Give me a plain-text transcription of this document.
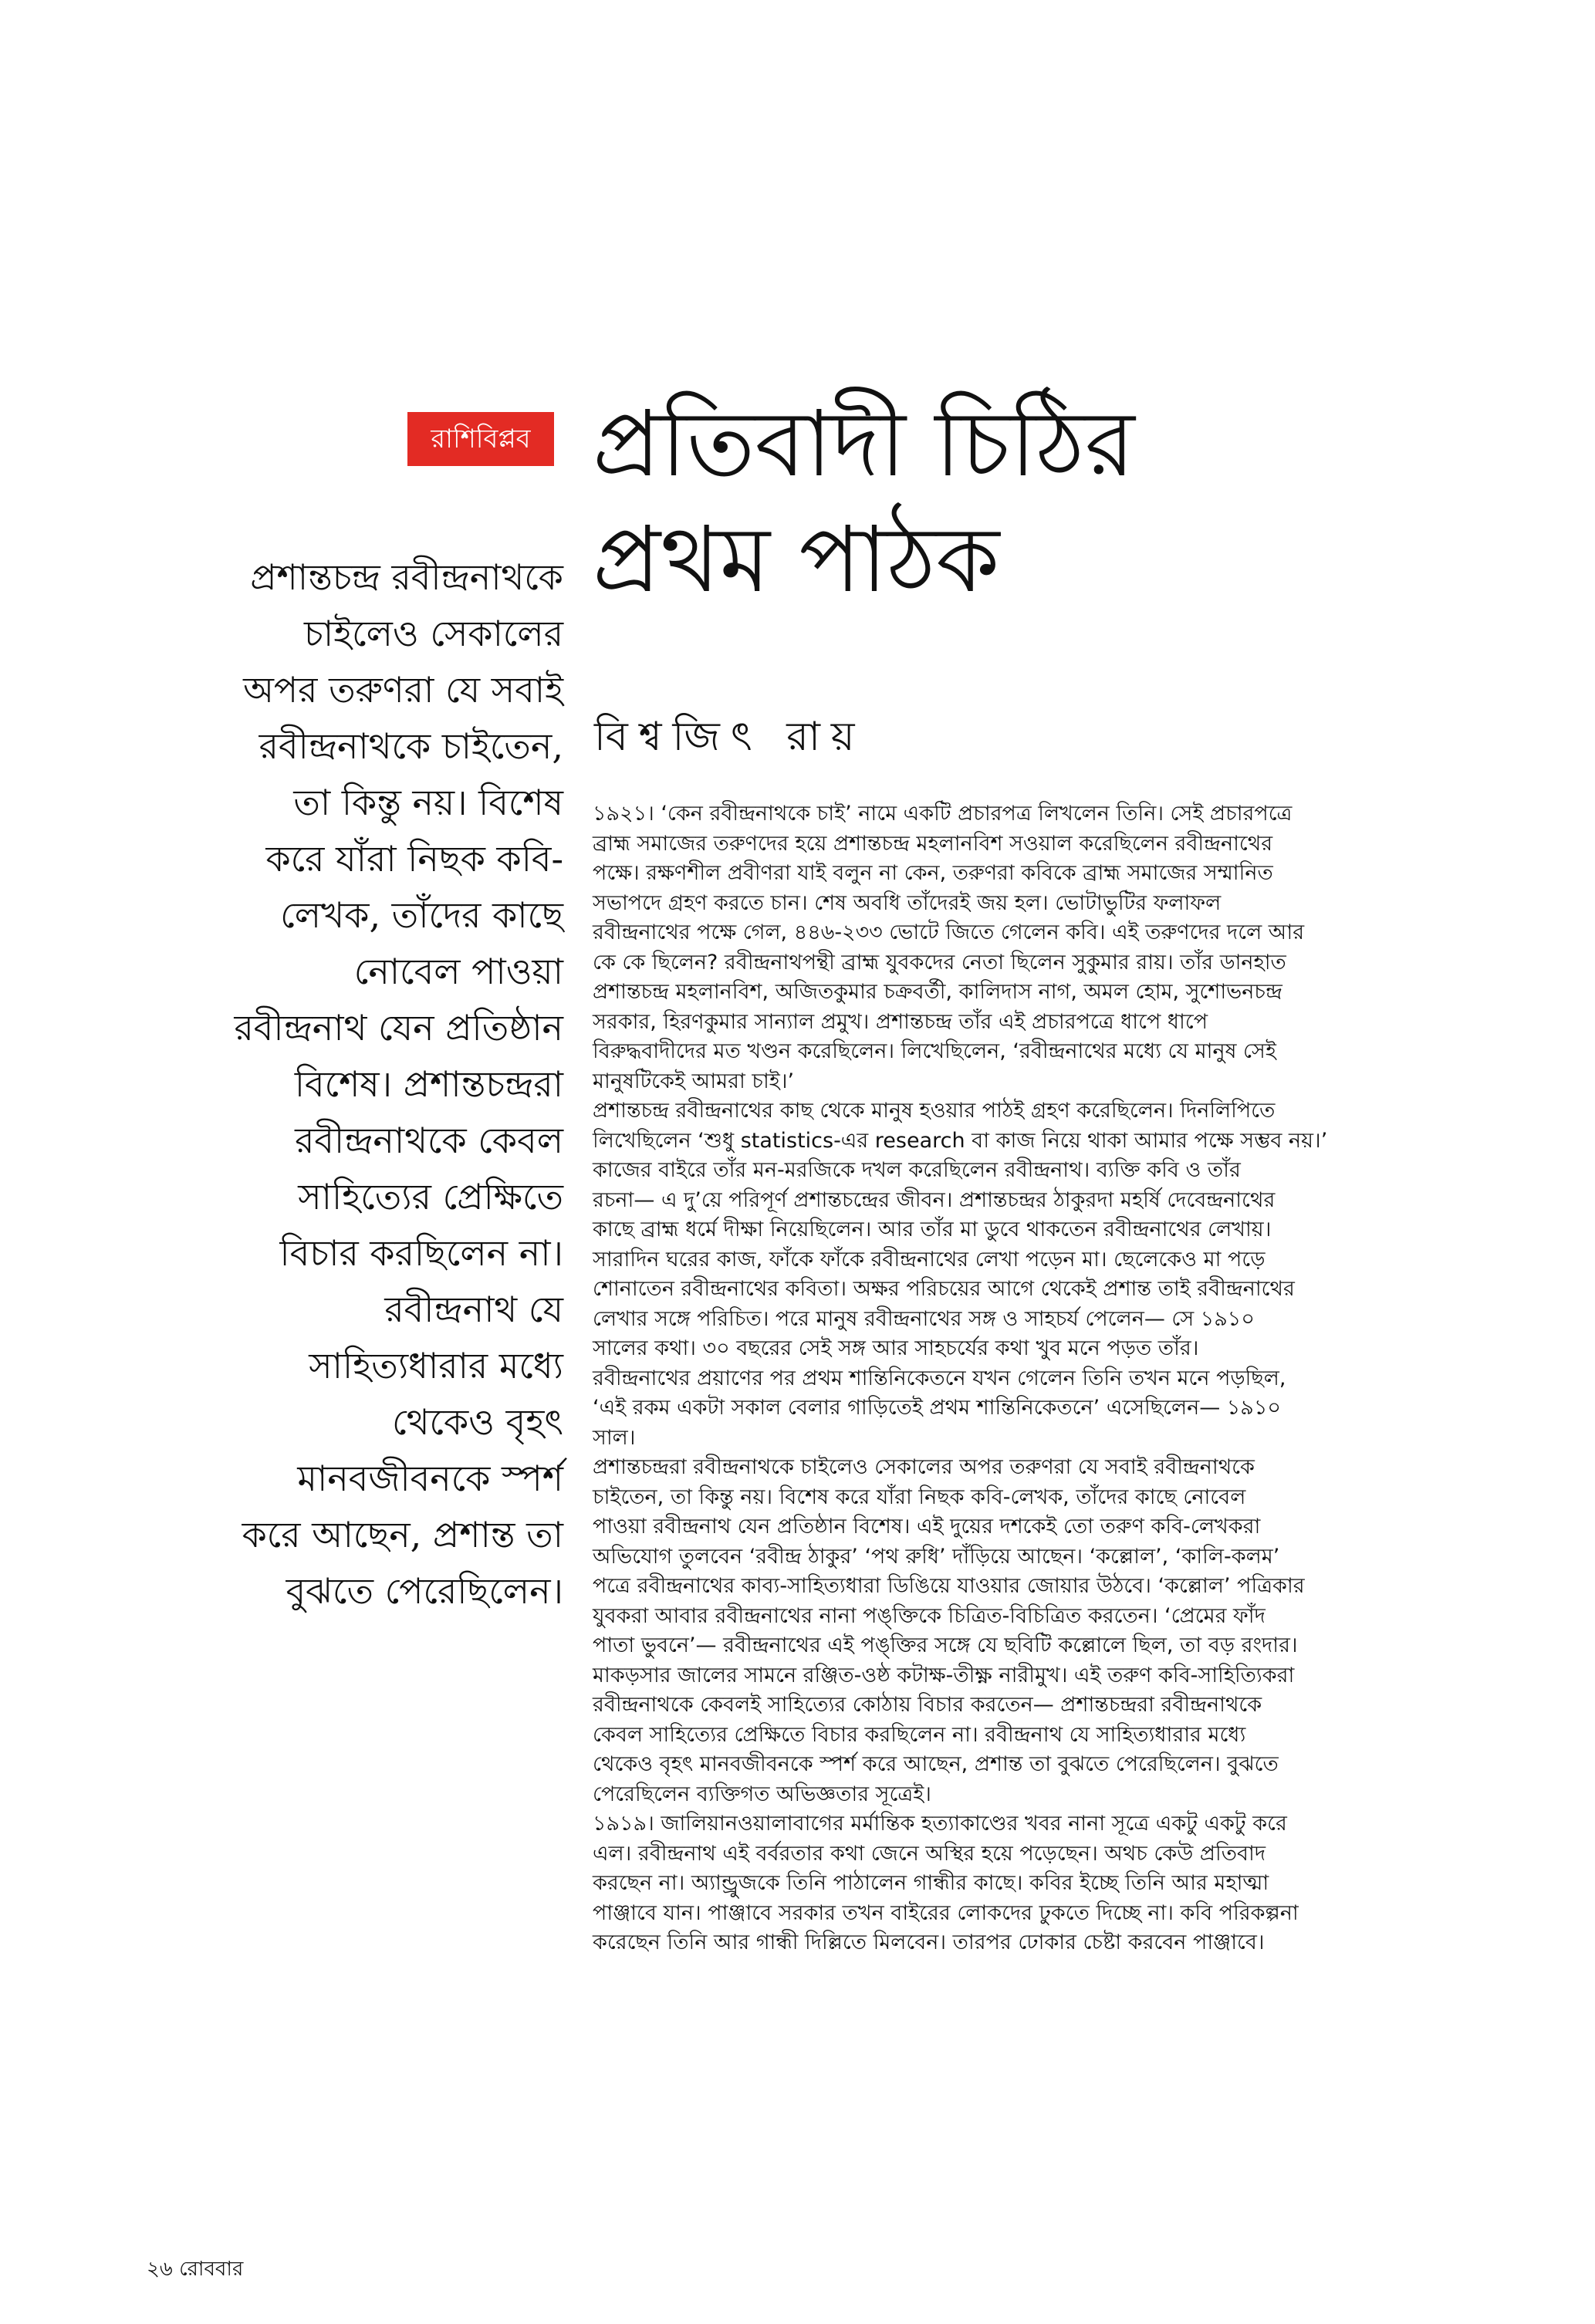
রাশিবিপ্লব প্রতিবাদী চিঠির
প্রথম পাঠক
বিশ্বজিৎ রায়
প্রশান্তচন্দ্র রবীন্দ্রনাথকে
চাইলেও সেকালের
অপর তরুণরা যে সবাই
রবীন্দ্রনাথকে চাইতেন,
তা কিন্তু নয়। বিশেষ
করে যাঁরা নিছক কবি-
লেখক, তাঁদের কাছে
নোবেল পাওয়া
রবীন্দ্রনাথ যেন প্রতিষ্ঠান
বিশেষ। প্রশান্তচন্দ্ররা
রবীন্দ্রনাথকে কেবল
সাহিত্যের প্রেক্ষিতে
বিচার করছিলেন না।
রবীন্দ্রনাথ যে
সাহিত্যধারার মধ্যে
থেকেও বৃহৎ
মানবজীবনকে স্পর্শ
করে আছেন, প্রশান্ত তা
বুঝতে পেরেছিলেন।
১৯২১। ‘কেন রবীন্দ্রনাথকে চাই’ নামে একটি প্রচারপত্র লিখলেন তিনি। সেই প্রচারপত্রে
ব্রাহ্ম সমাজের তরুণদের হয়ে প্রশান্তচন্দ্র মহলানবিশ সওয়াল করেছিলেন রবীন্দ্রনাথের
পক্ষে। রক্ষণশীল প্রবীণরা যাই বলুন না কেন, তরুণরা কবিকে ব্রাহ্ম সমাজের সম্মানিত
সভাপদে গ্রহণ করতে চান। শেষ অবধি তাঁদেরই জয় হল। ভোটাভুটির ফলাফল
রবীন্দ্রনাথের পক্ষে গেল, ৪৪৬-২৩৩ ভোটে জিতে গেলেন কবি। এই তরুণদের দলে আর
কে কে ছিলেন? রবীন্দ্রনাথপন্থী ব্রাহ্ম যুবকদের নেতা ছিলেন সুকুমার রায়। তাঁর ডানহাত
প্রশান্তচন্দ্র মহলানবিশ, অজিতকুমার চক্রবর্তী, কালিদাস নাগ, অমল হোম, সুশোভনচন্দ্র
সরকার, হিরণকুমার সান্যাল প্রমুখ। প্রশান্তচন্দ্র তাঁর এই প্রচারপত্রে ধাপে ধাপে
বিরুদ্ধবাদীদের মত খণ্ডন করেছিলেন। লিখেছিলেন, ‘রবীন্দ্রনাথের মধ্যে যে মানুষ সেই
মানুষটিকেই আমরা চাই।’
প্রশান্তচন্দ্র রবীন্দ্রনাথের কাছ থেকে মানুষ হওয়ার পাঠই গ্রহণ করেছিলেন। দিনলিপিতে
লিখেছিলেন ‘শুধু statistics-এর research বা কাজ নিয়ে থাকা আমার পক্ষে সম্ভব নয়।’
কাজের বাইরে তাঁর মন-মরজিকে দখল করেছিলেন রবীন্দ্রনাথ। ব্যক্তি কবি ও তাঁর
রচনা— এ দু’য়ে পরিপূর্ণ প্রশান্তচন্দ্রের জীবন। প্রশান্তচন্দ্রর ঠাকুরদা মহর্ষি দেবেন্দ্রনাথের
কাছে ব্রাহ্ম ধর্মে দীক্ষা নিয়েছিলেন। আর তাঁর মা ডুবে থাকতেন রবীন্দ্রনাথের লেখায়।
সারাদিন ঘরের কাজ, ফাঁকে ফাঁকে রবীন্দ্রনাথের লেখা পড়েন মা। ছেলেকেও মা পড়ে
শোনাতেন রবীন্দ্রনাথের কবিতা। অক্ষর পরিচয়ের আগে থেকেই প্রশান্ত তাই রবীন্দ্রনাথের
লেখার সঙ্গে পরিচিত। পরে মানুষ রবীন্দ্রনাথের সঙ্গ ও সাহচর্য পেলেন— সে ১৯১০
সালের কথা। ৩০ বছরের সেই সঙ্গ আর সাহচর্যের কথা খুব মনে পড়ত তাঁর।
রবীন্দ্রনাথের প্রয়াণের পর প্রথম শান্তিনিকেতনে যখন গেলেন তিনি তখন মনে পড়ছিল,
‘এই রকম একটা সকাল বেলার গাড়িতেই প্রথম শান্তিনিকেতনে’ এসেছিলেন— ১৯১০
সাল।
প্রশান্তচন্দ্ররা রবীন্দ্রনাথকে চাইলেও সেকালের অপর তরুণরা যে সবাই রবীন্দ্রনাথকে
চাইতেন, তা কিন্তু নয়। বিশেষ করে যাঁরা নিছক কবি-লেখক, তাঁদের কাছে নোবেল
পাওয়া রবীন্দ্রনাথ যেন প্রতিষ্ঠান বিশেষ। এই দুয়ের দশকেই তো তরুণ কবি-লেখকরা
অভিযোগ তুলবেন ‘রবীন্দ্র ঠাকুর’ ‘পথ রুধি’ দাঁড়িয়ে আছেন। ‘কল্লোল’, ‘কালি-কলম’
পত্রে রবীন্দ্রনাথের কাব্য-সাহিত্যধারা ডিঙিয়ে যাওয়ার জোয়ার উঠবে। ‘কল্লোল’ পত্রিকার
যুবকরা আবার রবীন্দ্রনাথের নানা পঙ্‌ক্তিকে চিত্রিত-বিচিত্রিত করতেন। ‘প্রেমের ফাঁদ
পাতা ভুবনে’— রবীন্দ্রনাথের এই পঙ্‌ক্তির সঙ্গে যে ছবিটি কল্লোলে ছিল, তা বড় রংদার।
মাকড়সার জালের সামনে রঞ্জিত-ওষ্ঠ কটাক্ষ-তীক্ষ্ণ নারীমুখ। এই তরুণ কবি-সাহিত্যিকরা
রবীন্দ্রনাথকে কেবলই সাহিত্যের কোঠায় বিচার করতেন— প্রশান্তচন্দ্ররা রবীন্দ্রনাথকে
কেবল সাহিত্যের প্রেক্ষিতে বিচার করছিলেন না। রবীন্দ্রনাথ যে সাহিত্যধারার মধ্যে
থেকেও বৃহৎ মানবজীবনকে স্পর্শ করে আছেন, প্রশান্ত তা বুঝতে পেরেছিলেন। বুঝতে
পেরেছিলেন ব্যক্তিগত অভিজ্ঞতার সূত্রেই।
১৯১৯। জালিয়ানওয়ালাবাগের মর্মান্তিক হত্যাকাণ্ডের খবর নানা সূত্রে একটু একটু করে
এল। রবীন্দ্রনাথ এই বর্বরতার কথা জেনে অস্থির হয়ে পড়েছেন। অথচ কেউ প্রতিবাদ
করছেন না। অ্যান্ড্রুজকে তিনি পাঠালেন গান্ধীর কাছে। কবির ইচ্ছে তিনি আর মহাত্মা
পাঞ্জাবে যান। পাঞ্জাবে সরকার তখন বাইরের লোকদের ঢুকতে দিচ্ছে না। কবি পরিকল্পনা
করেছেন তিনি আর গান্ধী দিল্লিতে মিলবেন। তারপর ঢোকার চেষ্টা করবেন পাঞ্জাবে।
২৬ রোববার
